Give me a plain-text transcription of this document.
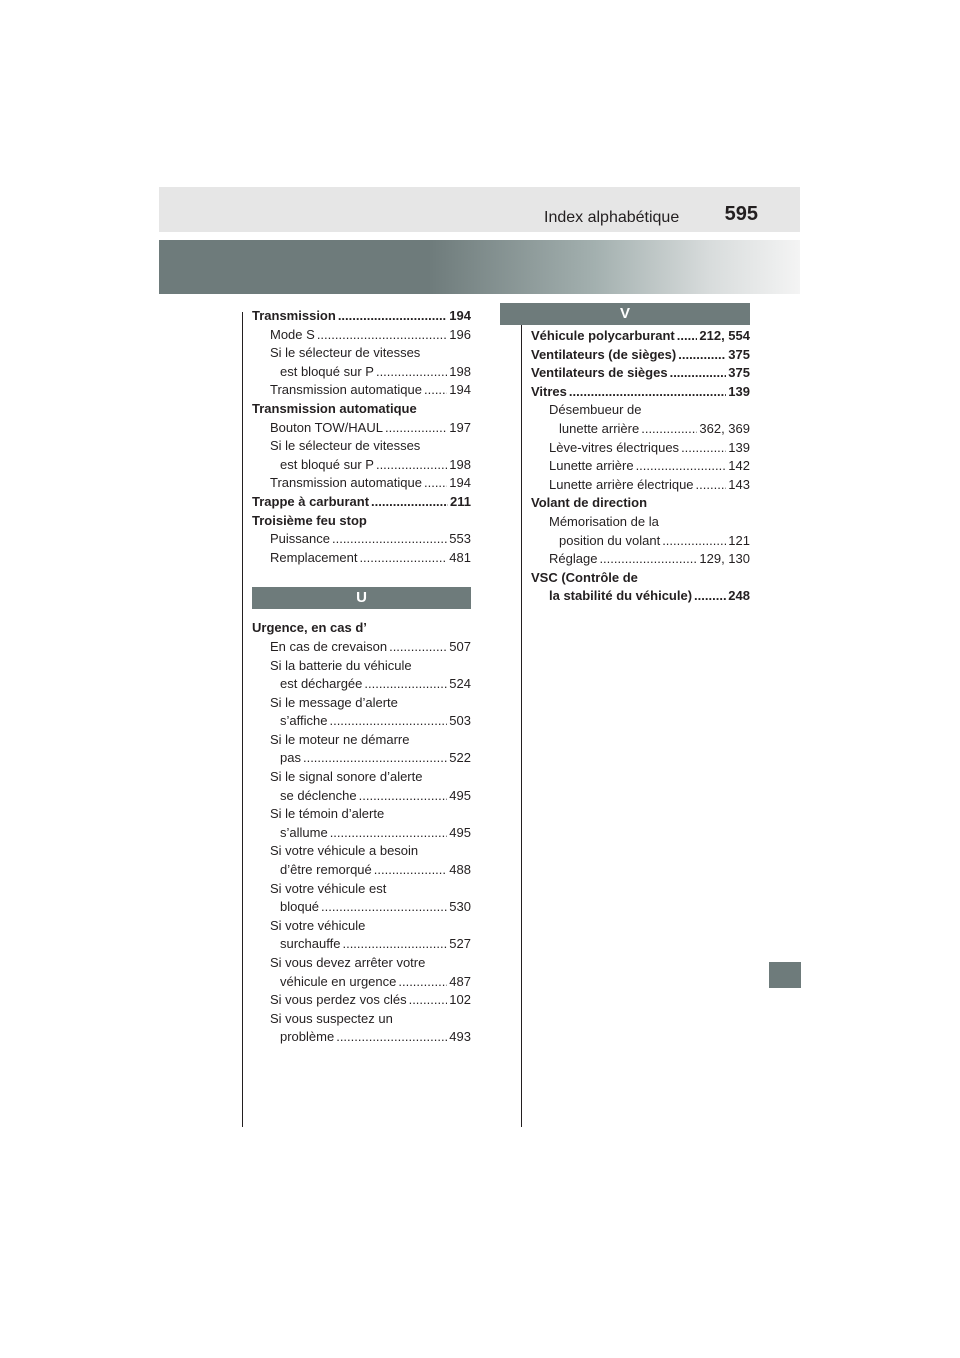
Index alphabétique 595
Transmission .....	194
Mode S .....	196
Si le sélecteur de vitesses
est bloqué sur P .....	198
Transmission automatique ..... 194
Transmission automatique
Bouton TOW/HAUL .....	197
Si le sélecteur de vitesses
est bloqué sur P .....	198
Transmission automatique ..... 194
Trappe à carburant .....	211
Troisième feu stop
Puissance .....	553
Remplacement .....	481
U
Urgence, en cas d’
En cas de crevaison .....	507
Si la batterie du véhicule
est déchargée .....	524
Si le message d’alerte
s’affiche .....	503
Si le moteur ne démarre
pas .....	522
Si le signal sonore d’alerte
se déclenche .....	495
Si le témoin d’alerte
s’allume .....	495
Si votre véhicule a besoin
d’être remorqué .....	488
Si votre véhicule est
bloqué .....	530
Si votre véhicule
surchauffe .....	527
Si vous devez arrêter votre
véhicule en urgence .....	487
Si vous perdez vos clés .....	102
Si vous suspectez un
problème .....	493
V
Véhicule polycarburant ..... 212, 554
Ventilateurs (de sièges) .....	375
Ventilateurs de sièges .....	375
Vitres .....	139
Désembueur de
lunette arrière .....	362, 369
Lève-vitres électriques .....	139
Lunette arrière .....	142
Lunette arrière électrique .....	143
Volant de direction
Mémorisation de la
position du volant .....	121
Réglage .....	129, 130
VSC (Contrôle de
la stabilité du véhicule) .....	248
